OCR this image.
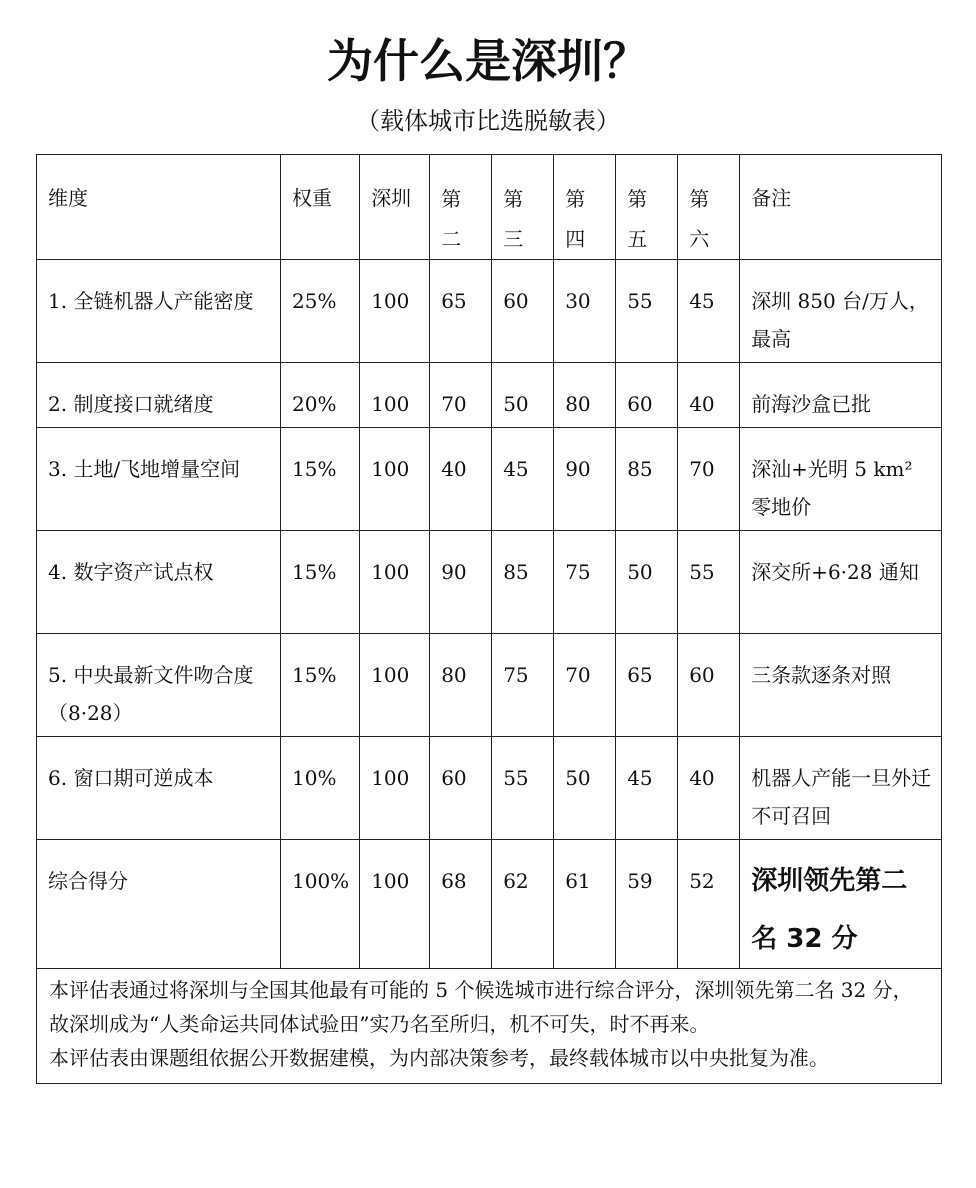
为什么是深圳？
（载体城市比选脱敏表）
维度	权重	深圳	第二	第三	第四	第五	第六	备注

1. 全链机器人产能密度	25%	100	65	60	30	55	45	深圳 850 台/万人，最高

2. 制度接口就绪度	20%	100	70	50	80	60	40	前海沙盒已批

3. 土地/飞地增量空间	15%	100	40	45	90	85	70	深汕+光明 5 km² 零地价

4. 数字资产试点权	15%	100	90	85	75	50	55	深交所+6·28 通知

5. 中央最新文件吻合度（8·28）	15%	100	80	75	70	65	60	三条款逐条对照

6. 窗口期可逆成本	10%	100	60	55	50	45	40	机器人产能一旦外迁不可召回

综合得分	100%	100	68	62	61	59	52	深圳领先第二名 32 分

本评估表通过将深圳与全国其他最有可能的 5 个候选城市进行综合评分，深圳领先第二名 32 分，故深圳成为“人类命运共同体试验田”实乃名至所归，机不可失，时不再来。

本评估表由课题组依据公开数据建模，为内部决策参考，最终载体城市以中央批复为准。								
